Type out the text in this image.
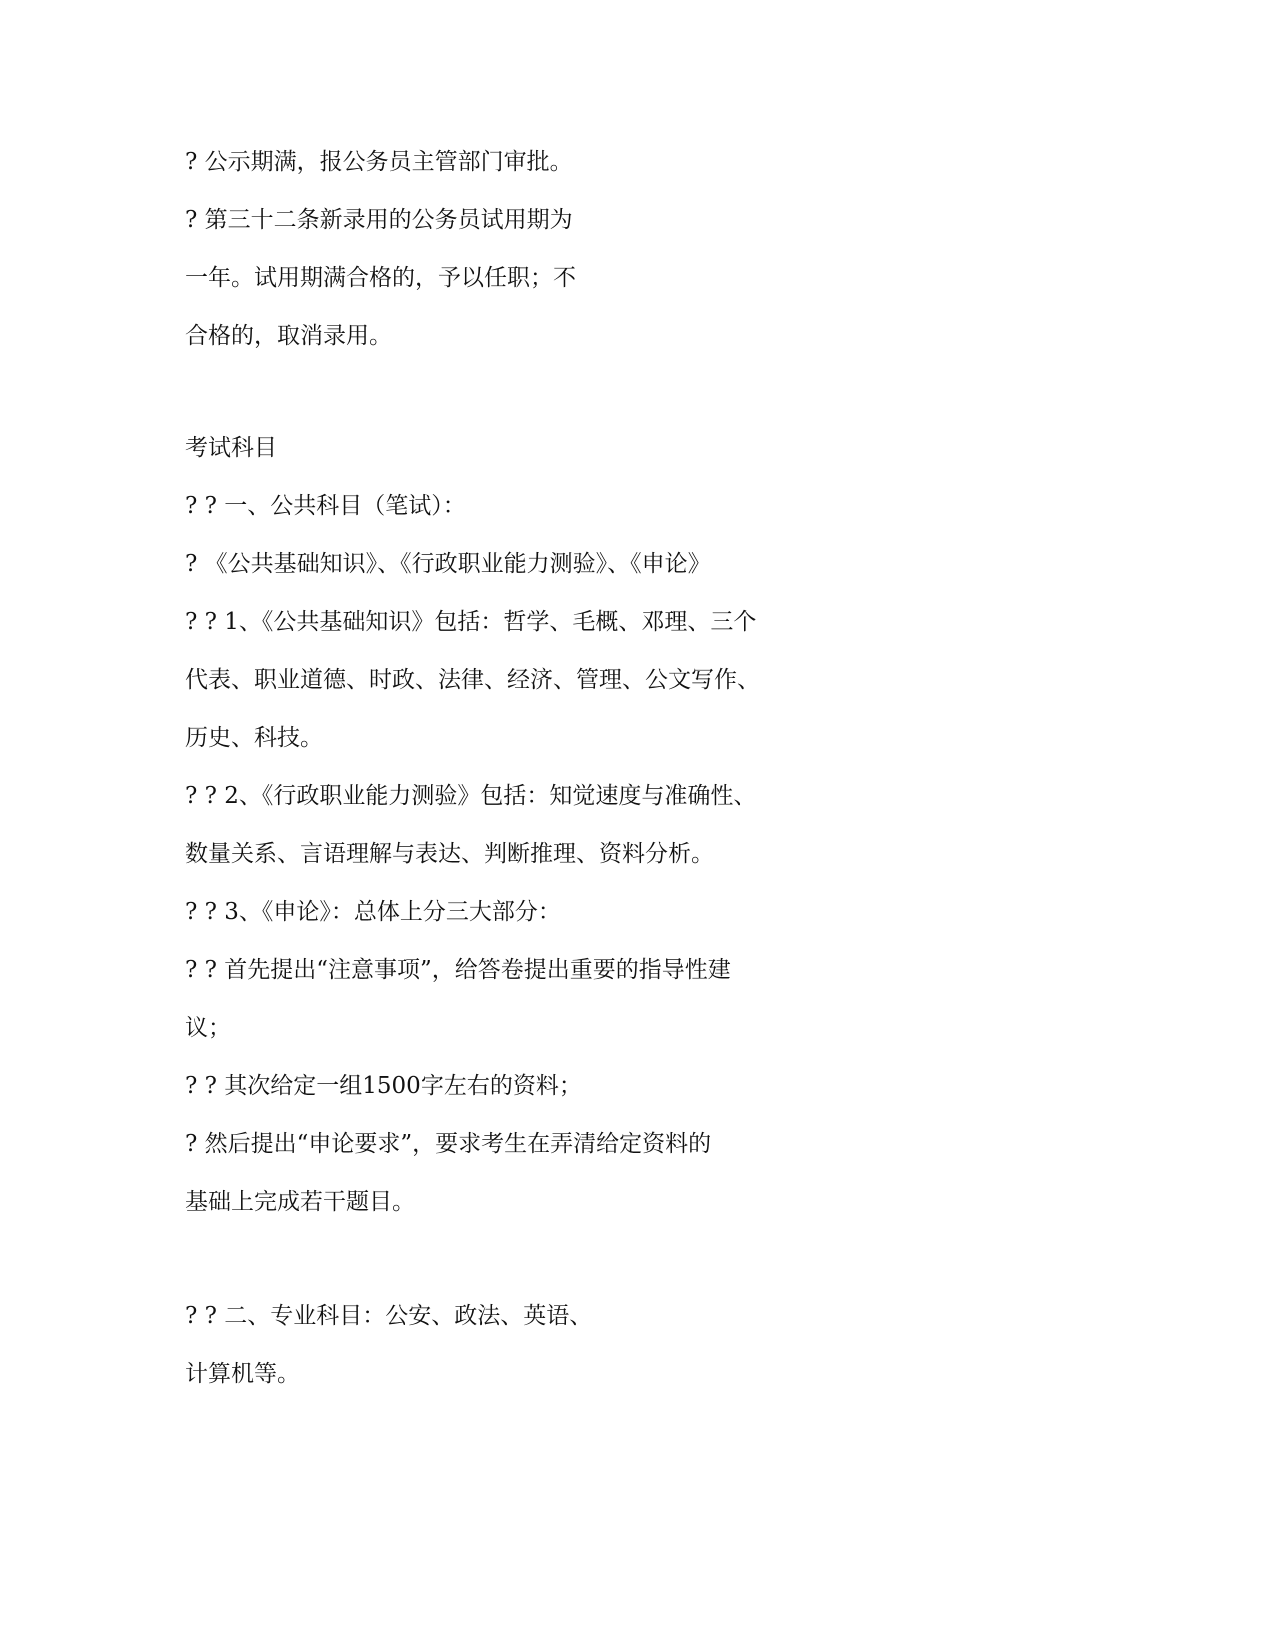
? 公示期满，报公务员主管部门审批。
? 第三十二条新录用的公务员试用期为
一年。试用期满合格的，予以任职；不
合格的，取消录用。
考试科目
? ? 一、公共科目（笔试）：
? 《公共基础知识》、《行政职业能力测验》、《申论》
? ? 1、《公共基础知识》包括：哲学、毛概、邓理、三个
代表、职业道德、时政、法律、经济、管理、公文写作、
历史、科技。
? ? 2、《行政职业能力测验》包括：知觉速度与准确性、
数量关系、言语理解与表达、判断推理、资料分析。
? ? 3、《申论》：总体上分三大部分：
? ? 首先提出“注意事项”，给答卷提出重要的指导性建
议；
? ? 其次给定一组1500字左右的资料；
? 然后提出“申论要求”，要求考生在弄清给定资料的
基础上完成若干题目。
? ? 二、专业科目：公安、政法、英语、
计算机等。
